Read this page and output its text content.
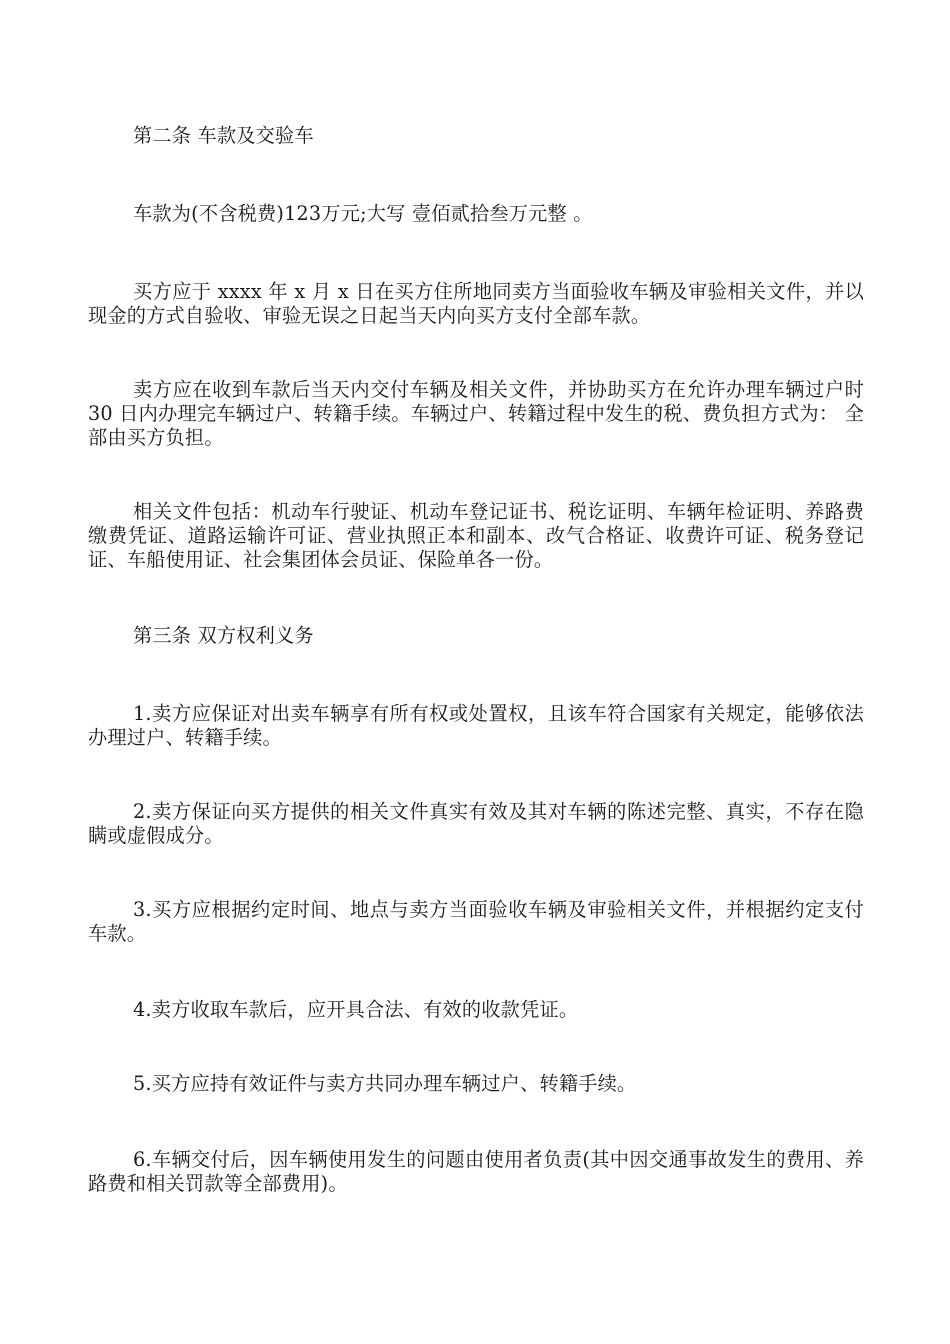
第二条 车款及交验车

车款为(不含税费)123万元;大写 壹佰贰拾叁万元整 。

买方应于 xxxx 年 x 月 x 日在买方住所地同卖方当面验收车辆及审验相关文件，并以现金的方式自验收、审验无误之日起当天内向买方支付全部车款。

卖方应在收到车款后当天内交付车辆及相关文件，并协助买方在允许办理车辆过户时 30 日内办理完车辆过户、转籍手续。车辆过户、转籍过程中发生的税、费负担方式为： 全部由买方负担。

相关文件包括：机动车行驶证、机动车登记证书、税讫证明、车辆年检证明、养路费缴费凭证、道路运输许可证、营业执照正本和副本、改气合格证、收费许可证、税务登记证、车船使用证、社会集团体会员证、保险单各一份。

第三条 双方权利义务

1.卖方应保证对出卖车辆享有所有权或处置权，且该车符合国家有关规定，能够依法办理过户、转籍手续。

2.卖方保证向买方提供的相关文件真实有效及其对车辆的陈述完整、真实，不存在隐瞒或虚假成分。

3.买方应根据约定时间、地点与卖方当面验收车辆及审验相关文件，并根据约定支付车款。

4.卖方收取车款后，应开具合法、有效的收款凭证。

5.买方应持有效证件与卖方共同办理车辆过户、转籍手续。

6.车辆交付后，因车辆使用发生的问题由使用者负责(其中因交通事故发生的费用、养路费和相关罚款等全部费用)。
